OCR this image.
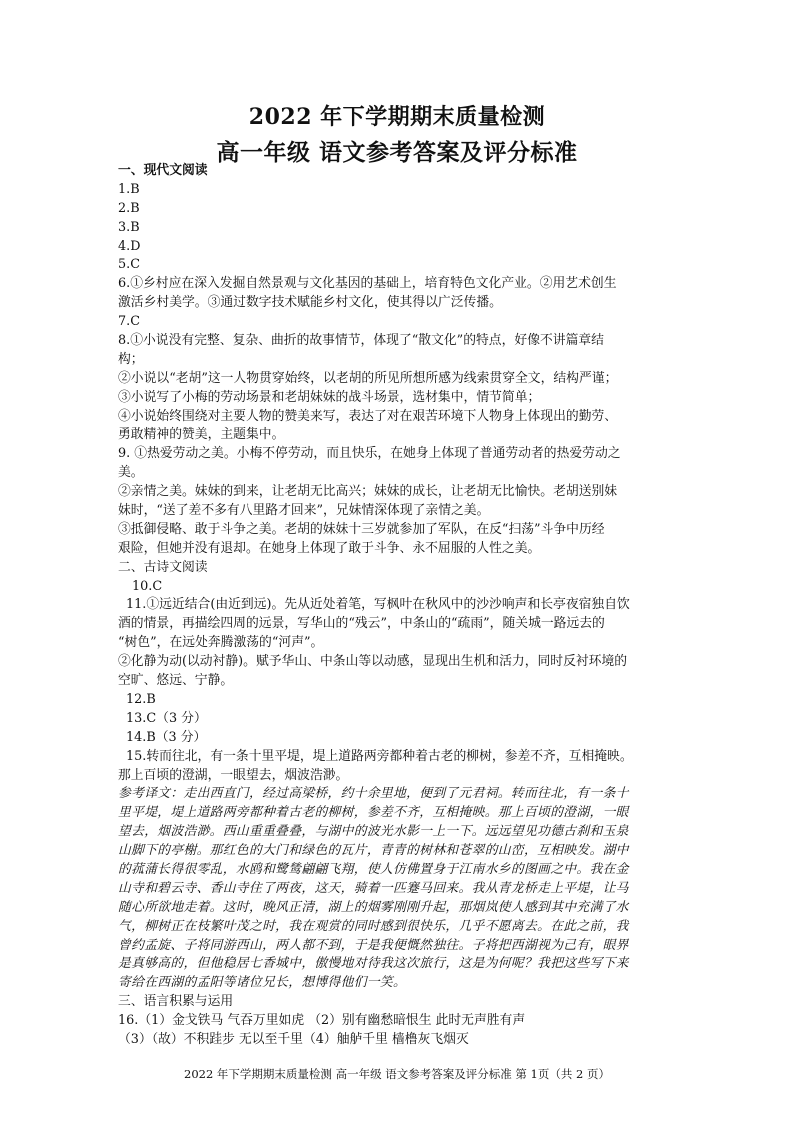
2022 年下学期期末质量检测
高一年级 语文参考答案及评分标准
一、现代文阅读
1.B
2.B
3.B
4.D
5.C
6.①乡村应在深入发掘自然景观与文化基因的基础上，培育特色文化产业。②用艺术创生
激活乡村美学。③通过数字技术赋能乡村文化，使其得以广泛传播。
7.C
8.①小说没有完整、复杂、曲折的故事情节，体现了“散文化”的特点，好像不讲篇章结
构；
②小说以“老胡”这一人物贯穿始终，以老胡的所见所想所感为线索贯穿全文，结构严谨；
③小说写了小梅的劳动场景和老胡妹妹的战斗场景，选材集中，情节简单；
④小说始终围绕对主要人物的赞美来写，表达了对在艰苦环境下人物身上体现出的勤劳、
勇敢精神的赞美，主题集中。
9. ①热爱劳动之美。小梅不停劳动，而且快乐，在她身上体现了普通劳动者的热爱劳动之
美。
②亲情之美。妹妹的到来，让老胡无比高兴；妹妹的成长，让老胡无比愉快。老胡送别妹
妹时，“送了差不多有八里路才回来”，兄妹情深体现了亲情之美。
③抵御侵略、敢于斗争之美。老胡的妹妹十三岁就参加了军队，在反“扫荡”斗争中历经
艰险，但她并没有退却。在她身上体现了敢于斗争、永不屈服的人性之美。
二、古诗文阅读
10.C
11.①远近结合(由近到远)。先从近处着笔，写枫叶在秋风中的沙沙响声和长亭夜宿独自饮
酒的情景，再描绘四周的远景，写华山的“残云”，中条山的“疏雨”，随关城一路远去的
“树色”，在远处奔腾激荡的“河声”。
②化静为动(以动衬静)。赋予华山、中条山等以动感，显现出生机和活力，同时反衬环境的
空旷、悠远、宁静。
12.B
13.C（3 分）
14.B（3 分）
15.转而往北，有一条十里平堤，堤上道路两旁都种着古老的柳树，参差不齐，互相掩映。
那上百顷的澄湖，一眼望去，烟波浩渺。
参考译文：走出西直门，经过高梁桥，约十余里地，便到了元君祠。转而往北，有一条十
里平堤，堤上道路两旁都种着古老的柳树，参差不齐，互相掩映。那上百顷的澄湖，一眼
望去，烟波浩渺。西山重重叠叠，与湖中的波光水影一上一下。远远望见功德古刹和玉泉
山脚下的亭榭。那红色的大门和绿色的瓦片，青青的树林和苍翠的山峦，互相映发。湖中
的菰蒲长得很零乱，水鸥和鹭鸶翩翩飞翔，使人仿佛置身于江南水乡的图画之中。我在金
山寺和碧云寺、香山寺住了两夜，这天，骑着一匹蹇马回来。我从青龙桥走上平堤，让马
随心所欲地走着。这时，晚风正清，湖上的烟雾刚刚升起，那烟岚使人感到其中充满了水
气，柳树正在枝繁叶茂之时，我在观赏的同时感到很快乐，几乎不愿离去。在此之前，我
曾约孟旋、子将同游西山，两人都不到，于是我便慨然独往。子将把西湖视为己有，眼界
是真够高的，但他稳居七香城中，傲慢地对待我这次旅行，这是为何呢？我把这些写下来
寄给在西湖的孟阳等诸位兄长，想博得他们一笑。
三、语言积累与运用
16.（1）金戈铁马 气吞万里如虎 （2）别有幽愁暗恨生 此时无声胜有声
（3）（故）不积跬步 无以至千里（4）舳舻千里 樯橹灰飞烟灭
2022 年下学期期末质量检测 高一年级 语文参考答案及评分标准 第 1页（共 2 页）
